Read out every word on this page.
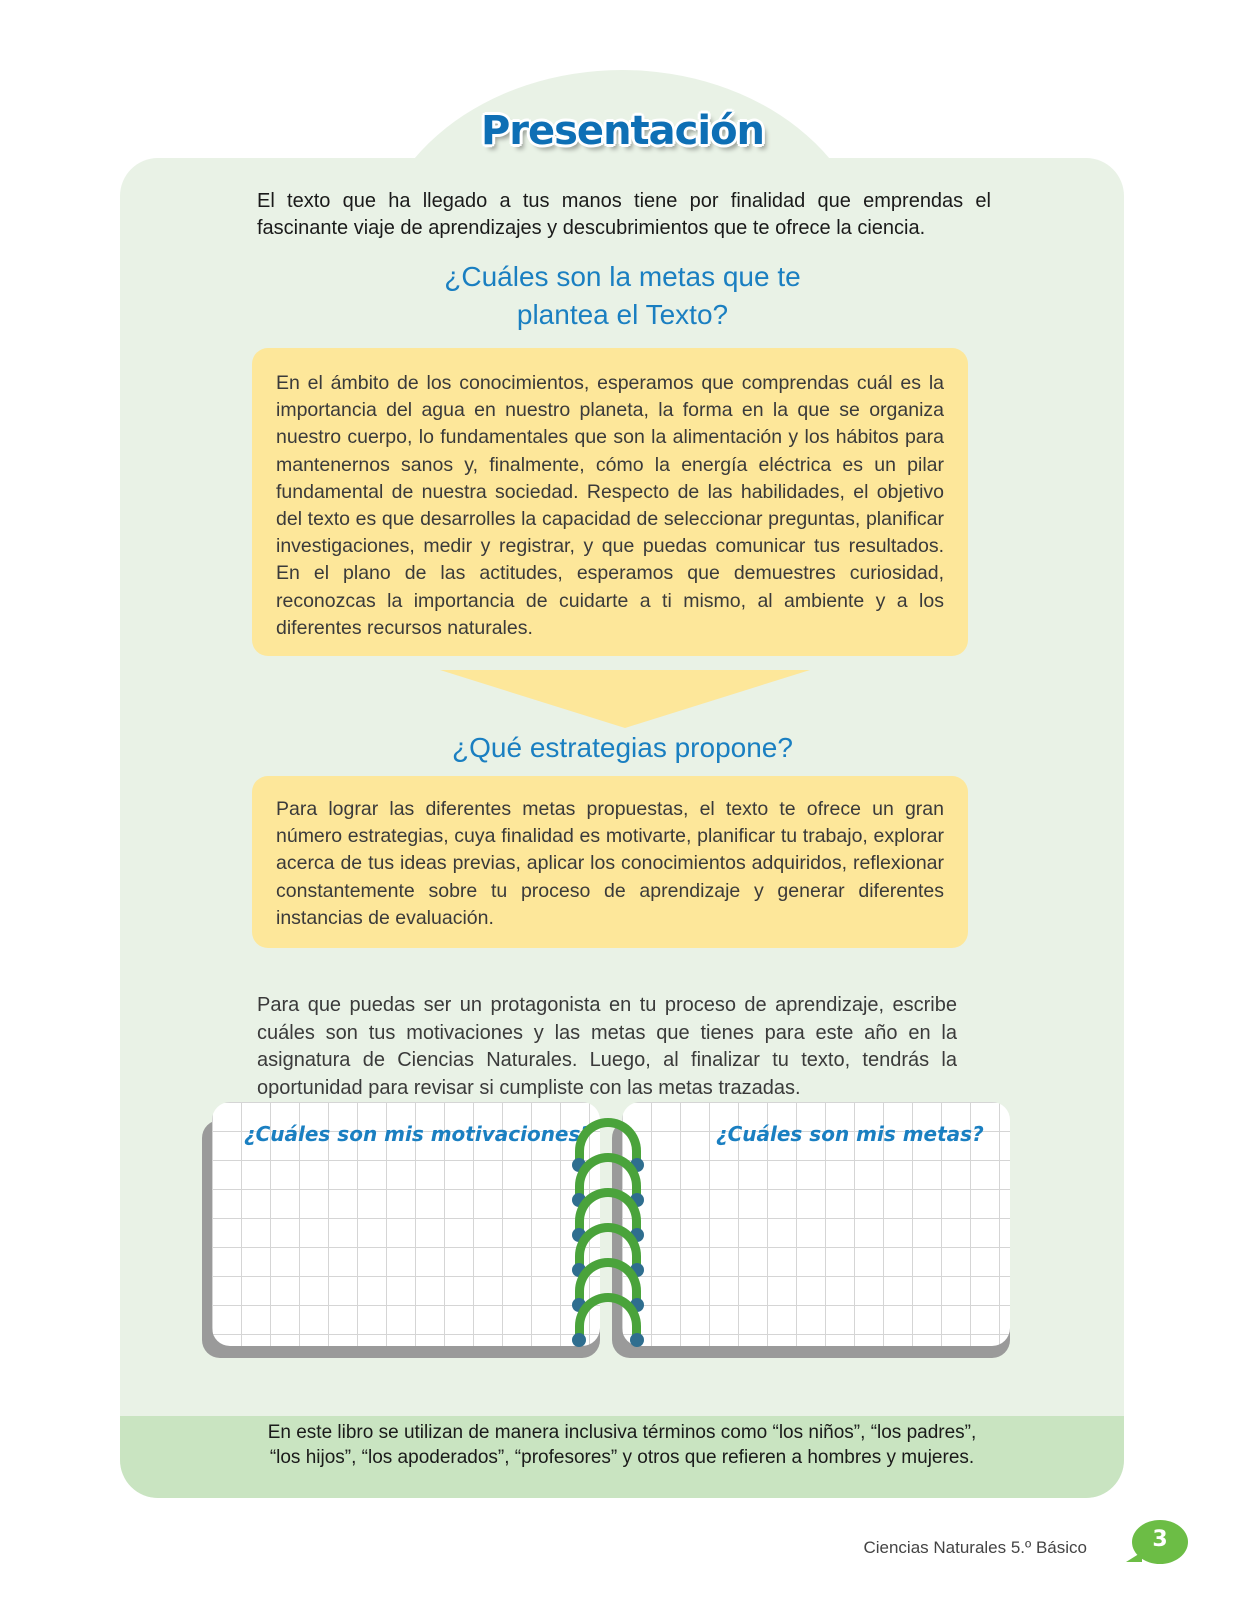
Presentación
El texto que ha llegado a tus manos tiene por finalidad que emprendas el fascinante viaje de aprendizajes y descubrimientos que te ofrece la ciencia.
¿Cuáles son la metas que te
plantea el Texto?
En el ámbito de los conocimientos, esperamos que comprendas cuál es la importancia del agua en nuestro planeta, la forma en la que se organiza nuestro cuerpo, lo fundamentales que son la alimentación y los hábitos para mantenernos sanos y, finalmente, cómo la energía eléctrica es un pilar fundamental de nuestra sociedad. Respecto de las habilidades, el objetivo del texto es que desarrolles la capacidad de seleccionar preguntas, planificar investigaciones, medir y registrar, y que puedas comunicar tus resultados. En el plano de las actitudes, esperamos que demuestres curiosidad, reconozcas la importancia de cuidarte a ti mismo, al ambiente y a los diferentes recursos naturales.
¿Qué estrategias propone?
Para lograr las diferentes metas propuestas, el texto te ofrece un gran número estrategias, cuya finalidad es motivarte, planificar tu trabajo, explorar acerca de tus ideas previas, aplicar los conocimientos adquiridos, reflexionar constantemente sobre tu proceso de aprendizaje y generar diferentes instancias de evaluación.
Para que puedas ser un protagonista en tu proceso de aprendizaje, escribe cuáles son tus motivaciones y las metas que tienes para este año en la asignatura de Ciencias Naturales. Luego, al finalizar tu texto, tendrás la oportunidad para revisar si cumpliste con las metas trazadas.
¿Cuáles son mis motivaciones?	¿Cuáles son mis metas?
En este libro se utilizan de manera inclusiva términos como “los niños”, “los padres”,
“los hijos”, “los apoderados”, “profesores” y otros que refieren a hombres y mujeres.
Ciencias Naturales 5.º Básico	3
